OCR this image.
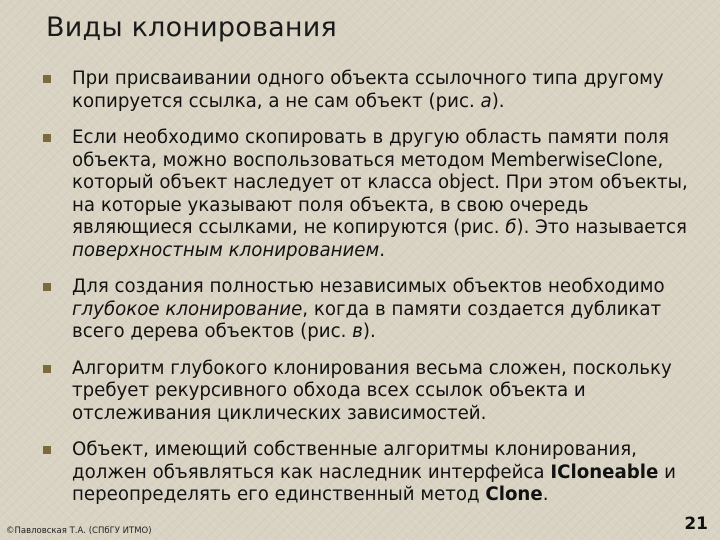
Виды клонирования
При присваивании одного объекта ссылочного типа другому копируется ссылка, а не сам объект (рис. а).
Если необходимо скопировать в другую область памяти поля объекта, можно воспользоваться методом MemberwiseClone, который объект наследует от класса object. При этом объекты, на которые указывают поля объекта, в свою очередь являющиеся ссылками, не копируются (рис. б). Это называется поверхностным клонированием.
Для создания полностью независимых объектов необходимо глубокое клонирование, когда в памяти создается дубликат всего дерева объектов (рис. в).
Алгоритм глубокого клонирования весьма сложен, поскольку требует рекурсивного обхода всех ссылок объекта и отслеживания циклических зависимостей.
Объект, имеющий собственные алгоритмы клонирования, должен объявляться как наследник интерфейса ICloneable и переопределять его единственный метод Clone.
©Павловская Т.А. (СПбГУ ИТМО)	21
